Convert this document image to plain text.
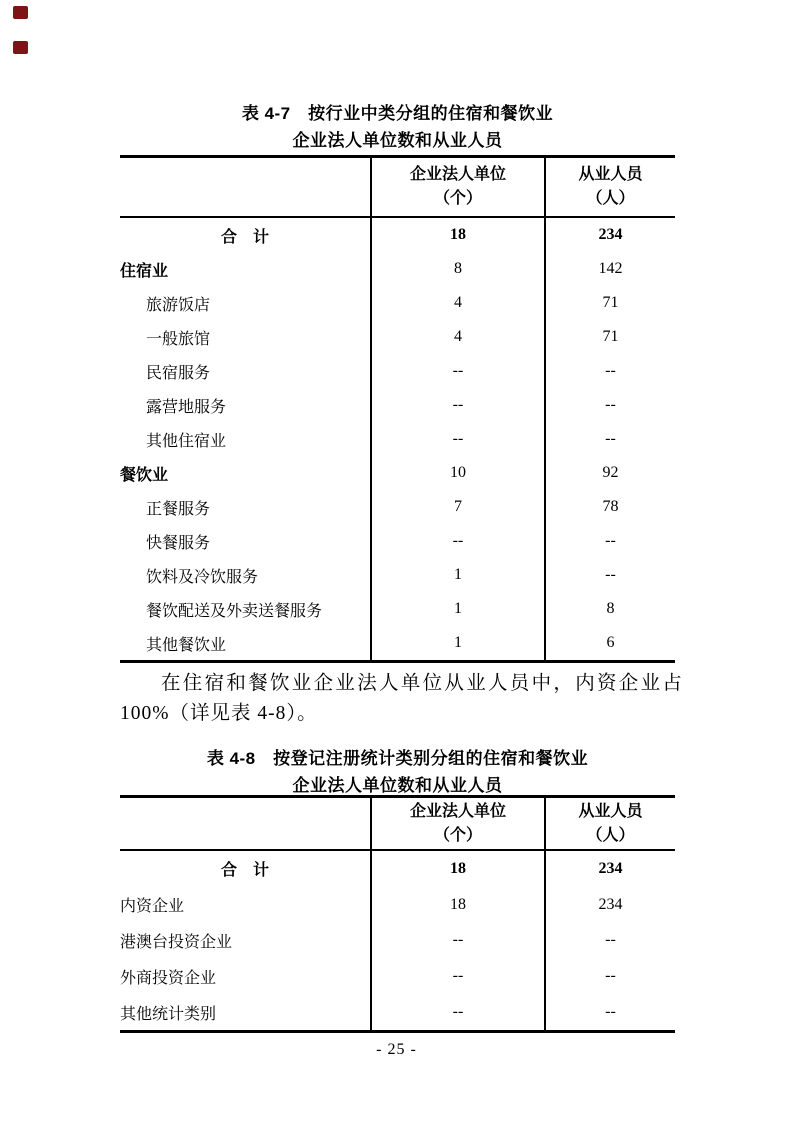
表 4-7　按行业中类分组的住宿和餐饮业
企业法人单位数和从业人员
企业法人单位
（个）
从业人员
（人）
合　计	18	234
住宿业	8	142
旅游饭店	4	71
一般旅馆	4	71
民宿服务	--	--
露营地服务	--	--
其他住宿业	--	--
餐饮业	10	92
正餐服务	7	78
快餐服务	--	--
饮料及冷饮服务	1	--
餐饮配送及外卖送餐服务	1	8
其他餐饮业	1	6
在住宿和餐饮业企业法人单位从业人员中，内资企业占
100%（详见表 4-8）。
表 4-8　按登记注册统计类别分组的住宿和餐饮业
企业法人单位数和从业人员
企业法人单位
（个）
从业人员
（人）
合　计	18	234
内资企业	18	234
港澳台投资企业	--	--
外商投资企业	--	--
其他统计类别	--	--
- 25 -
